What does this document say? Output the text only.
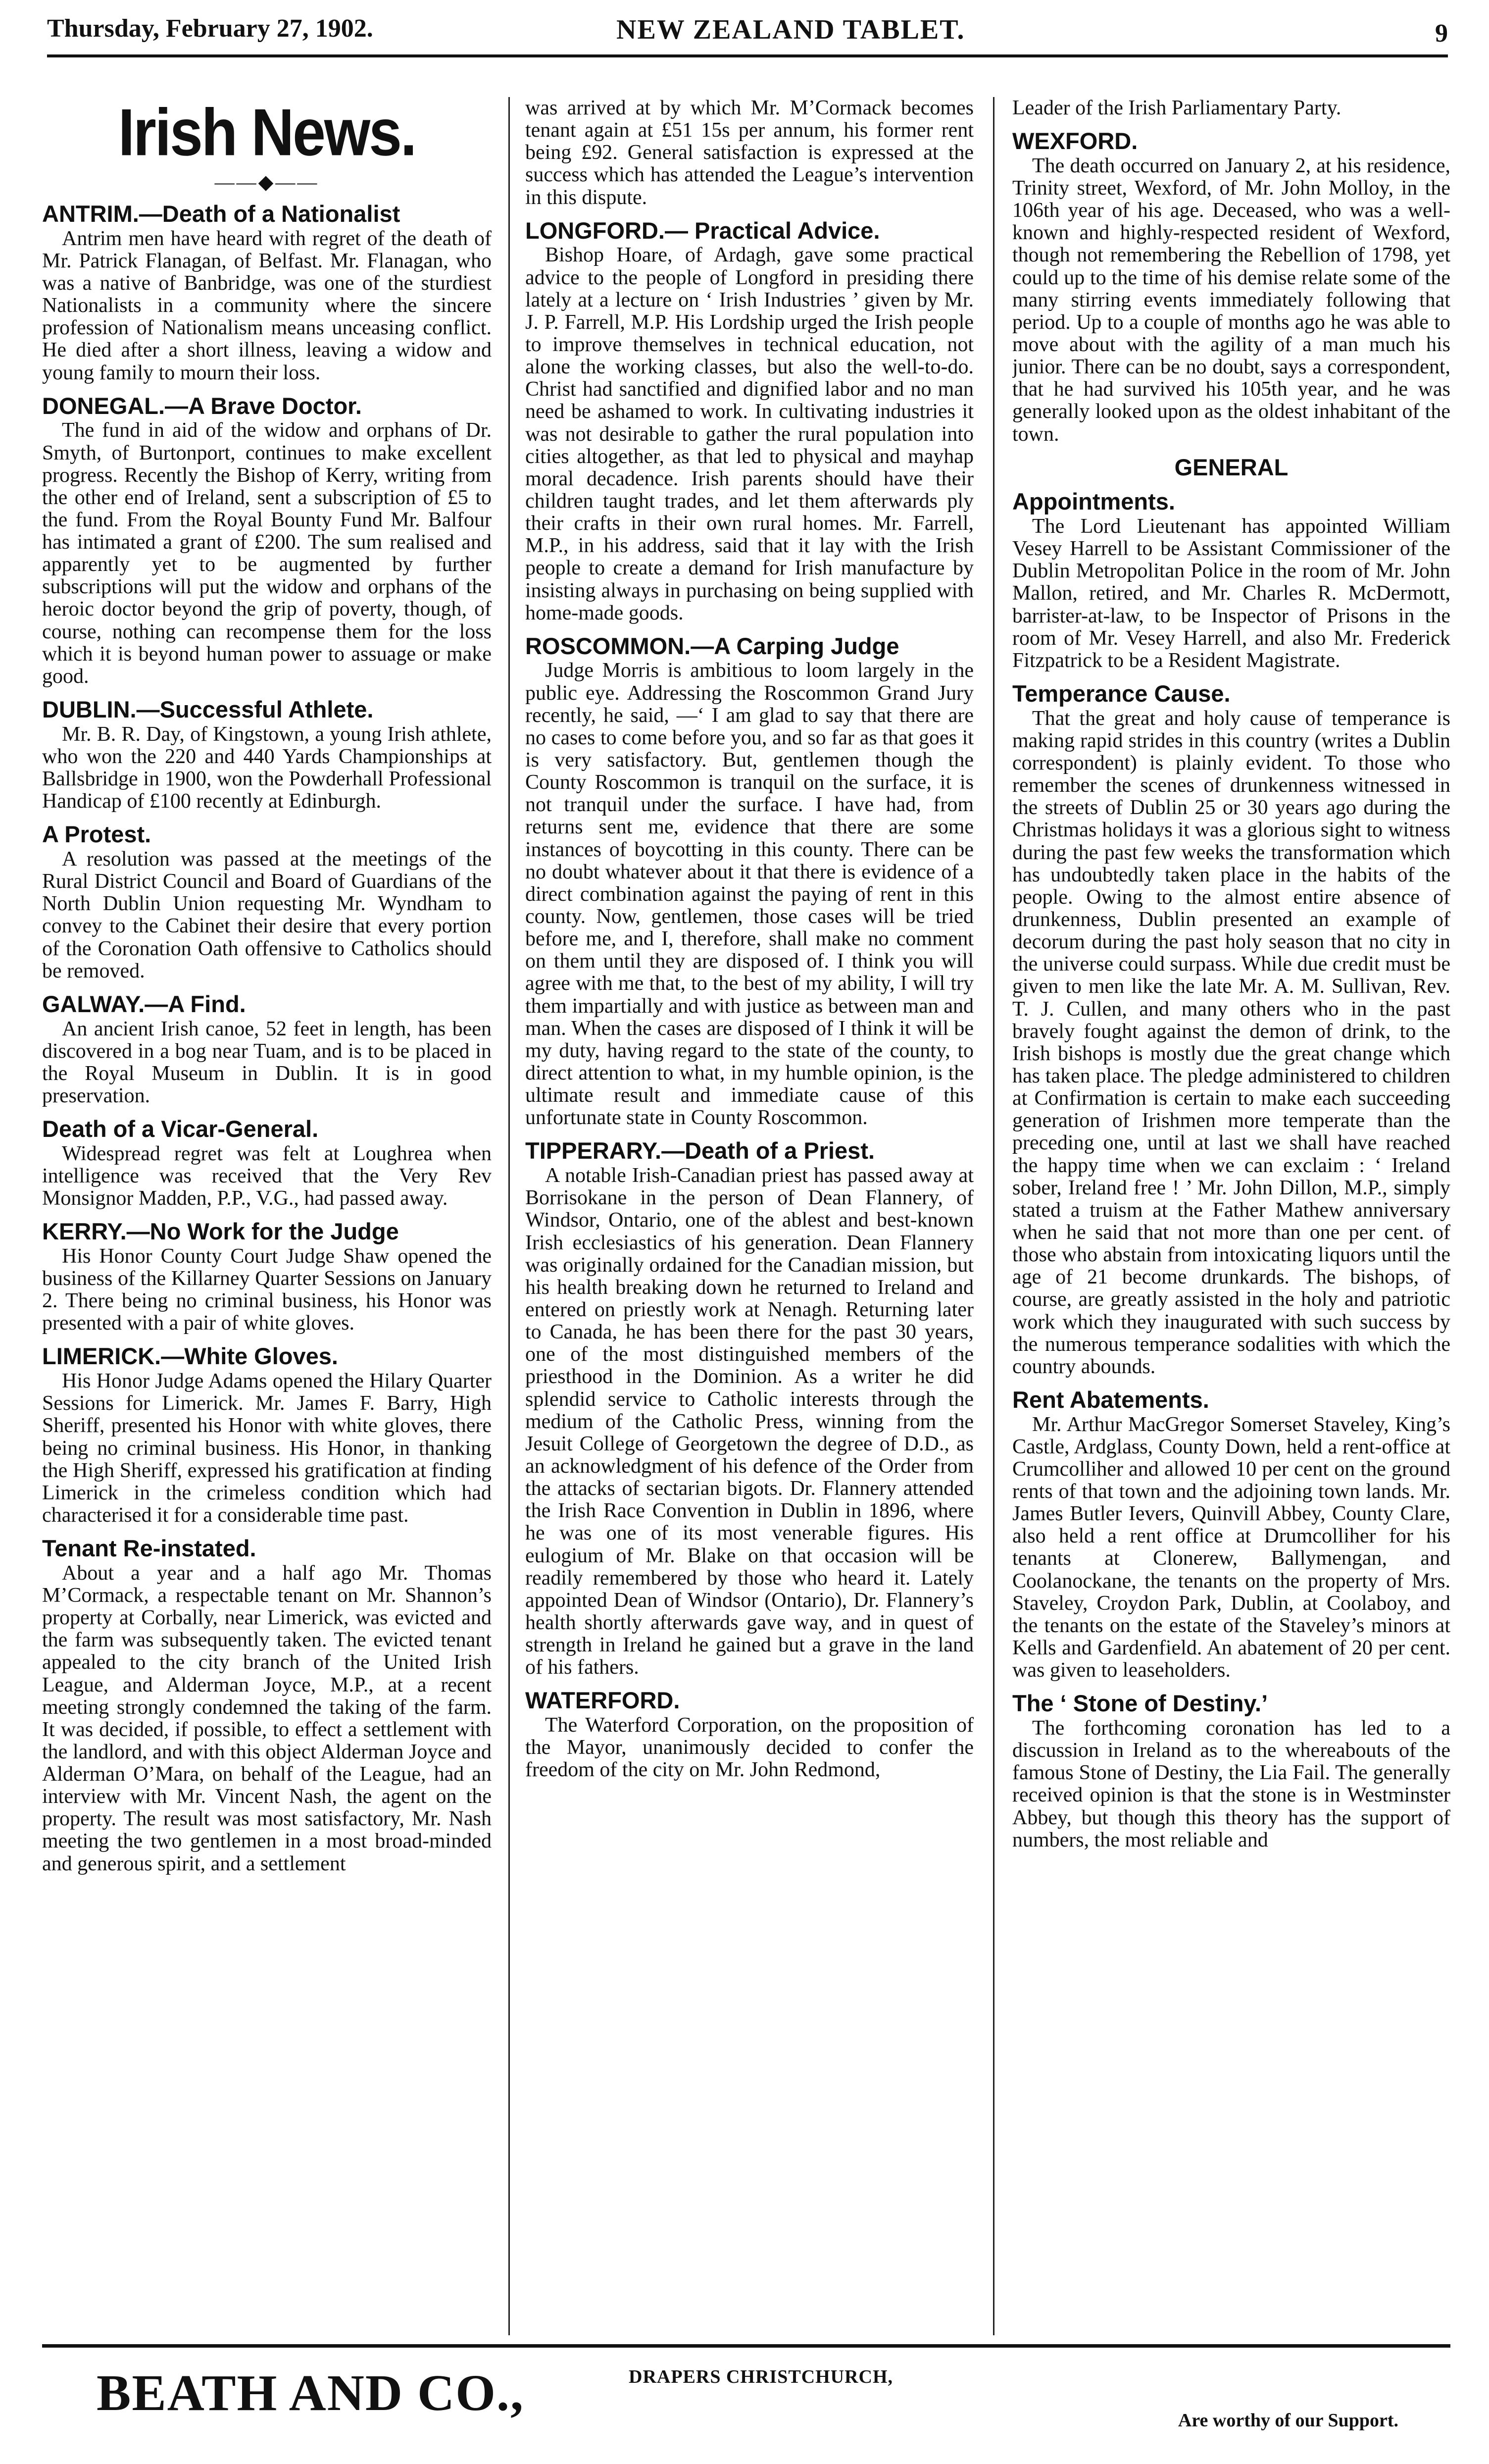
Thursday, February 27, 1902.	NEW ZEALAND TABLET.	9
Irish News.
——◆——
ANTRIM.—Death of a Nationalist

Antrim men have heard with regret of the death of Mr. Patrick Flanagan, of Belfast. Mr. Flanagan, who was a native of Banbridge, was one of the sturdiest Nationalists in a community where the sincere profession of Nationalism means unceasing conflict. He died after a short illness, leaving a widow and young family to mourn their loss.

DONEGAL.—A Brave Doctor.

The fund in aid of the widow and orphans of Dr. Smyth, of Burtonport, continues to make excellent progress. Recently the Bishop of Kerry, writing from the other end of Ireland, sent a subscription of £5 to the fund. From the Royal Bounty Fund Mr. Balfour has intimated a grant of £200. The sum realised and apparently yet to be augmented by further subscriptions will put the widow and orphans of the heroic doctor beyond the grip of poverty, though, of course, nothing can recompense them for the loss which it is beyond human power to assuage or make good.

DUBLIN.—Successful Athlete.

Mr. B. R. Day, of Kingstown, a young Irish athlete, who won the 220 and 440 Yards Championships at Ballsbridge in 1900, won the Powderhall Professional Handicap of £100 recently at Edinburgh.

A Protest.

A resolution was passed at the meetings of the Rural District Council and Board of Guardians of the North Dublin Union requesting Mr. Wyndham to convey to the Cabinet their desire that every portion of the Coronation Oath offensive to Catholics should be removed.

GALWAY.—A Find.

An ancient Irish canoe, 52 feet in length, has been discovered in a bog near Tuam, and is to be placed in the Royal Museum in Dublin. It is in good preservation.

Death of a Vicar-General.

Widespread regret was felt at Loughrea when intelligence was received that the Very Rev Monsignor Madden, P.P., V.G., had passed away.

KERRY.—No Work for the Judge

His Honor County Court Judge Shaw opened the business of the Killarney Quarter Sessions on January 2. There being no criminal business, his Honor was presented with a pair of white gloves.

LIMERICK.—White Gloves.

His Honor Judge Adams opened the Hilary Quarter Sessions for Limerick. Mr. James F. Barry, High Sheriff, presented his Honor with white gloves, there being no criminal business. His Honor, in thanking the High Sheriff, expressed his gratification at finding Limerick in the crimeless condition which had characterised it for a considerable time past.

Tenant Re-instated.

About a year and a half ago Mr. Thomas M’Cormack, a respectable tenant on Mr. Shannon’s property at Corbally, near Limerick, was evicted and the farm was subsequently taken. The evicted tenant appealed to the city branch of the United Irish League, and Alderman Joyce, M.P., at a recent meeting strongly condemned the taking of the farm. It was decided, if possible, to effect a settlement with the landlord, and with this object Alderman Joyce and Alderman O’Mara, on behalf of the League, had an interview with Mr. Vincent Nash, the agent on the property. The result was most satisfactory, Mr. Nash meeting the two gentlemen in a most broad-minded and generous spirit, and a settlement

was arrived at by which Mr. M’Cormack becomes tenant again at £51 15s per annum, his former rent being £92. General satisfaction is expressed at the success which has attended the League’s intervention in this dispute.

LONGFORD.— Practical Advice.

Bishop Hoare, of Ardagh, gave some practical advice to the people of Longford in presiding there lately at a lecture on ‘ Irish Industries ’ given by Mr. J. P. Farrell, M.P. His Lordship urged the Irish people to improve themselves in technical education, not alone the working classes, but also the well-to-do. Christ had sanctified and dignified labor and no man need be ashamed to work. In cultivating industries it was not desirable to gather the rural population into cities altogether, as that led to physical and mayhap moral decadence. Irish parents should have their children taught trades, and let them afterwards ply their crafts in their own rural homes. Mr. Farrell, M.P., in his address, said that it lay with the Irish people to create a demand for Irish manufacture by insisting always in purchasing on being supplied with home-made goods.

ROSCOMMON.—A Carping Judge

Judge Morris is ambitious to loom largely in the public eye. Addressing the Roscommon Grand Jury recently, he said, —‘ I am glad to say that there are no cases to come before you, and so far as that goes it is very satisfactory. But, gentlemen though the County Roscommon is tranquil on the surface, it is not tranquil under the surface. I have had, from returns sent me, evidence that there are some instances of boycotting in this county. There can be no doubt whatever about it that there is evidence of a direct combination against the paying of rent in this county. Now, gentlemen, those cases will be tried before me, and I, therefore, shall make no comment on them until they are disposed of. I think you will agree with me that, to the best of my ability, I will try them impartially and with justice as between man and man. When the cases are disposed of I think it will be my duty, having regard to the state of the county, to direct attention to what, in my humble opinion, is the ultimate result and immediate cause of this unfortunate state in County Roscommon.

TIPPERARY.—Death of a Priest.

A notable Irish-Canadian priest has passed away at Borrisokane in the person of Dean Flannery, of Windsor, Ontario, one of the ablest and best-known Irish ecclesiastics of his generation. Dean Flannery was originally ordained for the Canadian mission, but his health breaking down he returned to Ireland and entered on priestly work at Nenagh. Returning later to Canada, he has been there for the past 30 years, one of the most distinguished members of the priesthood in the Dominion. As a writer he did splendid service to Catholic interests through the medium of the Catholic Press, winning from the Jesuit College of Georgetown the degree of D.D., as an acknowledgment of his defence of the Order from the attacks of sectarian bigots. Dr. Flannery attended the Irish Race Convention in Dublin in 1896, where he was one of its most venerable figures. His eulogium of Mr. Blake on that occasion will be readily remembered by those who heard it. Lately appointed Dean of Windsor (Ontario), Dr. Flannery’s health shortly afterwards gave way, and in quest of strength in Ireland he gained but a grave in the land of his fathers.

WATERFORD.

The Waterford Corporation, on the proposition of the Mayor, unanimously decided to confer the freedom of the city on Mr. John Redmond,

Leader of the Irish Parliamentary Party.

WEXFORD.

The death occurred on January 2, at his residence, Trinity street, Wexford, of Mr. John Molloy, in the 106th year of his age. Deceased, who was a well-known and highly-respected resident of Wexford, though not remembering the Rebellion of 1798, yet could up to the time of his demise relate some of the many stirring events immediately following that period. Up to a couple of months ago he was able to move about with the agility of a man much his junior. There can be no doubt, says a correspondent, that he had survived his 105th year, and he was generally looked upon as the oldest inhabitant of the town.

GENERAL
Appointments.

The Lord Lieutenant has appointed William Vesey Harrell to be Assistant Commissioner of the Dublin Metropolitan Police in the room of Mr. John Mallon, retired, and Mr. Charles R. McDermott, barrister-at-law, to be Inspector of Prisons in the room of Mr. Vesey Harrell, and also Mr. Frederick Fitzpatrick to be a Resident Magistrate.

Temperance Cause.

That the great and holy cause of temperance is making rapid strides in this country (writes a Dublin correspondent) is plainly evident. To those who remember the scenes of drunkenness witnessed in the streets of Dublin 25 or 30 years ago during the Christmas holidays it was a glorious sight to witness during the past few weeks the transformation which has undoubtedly taken place in the habits of the people. Owing to the almost entire absence of drunkenness, Dublin presented an example of decorum during the past holy season that no city in the universe could surpass. While due credit must be given to men like the late Mr. A. M. Sullivan, Rev. T. J. Cullen, and many others who in the past bravely fought against the demon of drink, to the Irish bishops is mostly due the great change which has taken place. The pledge administered to children at Confirmation is certain to make each succeeding generation of Irishmen more temperate than the preceding one, until at last we shall have reached the happy time when we can exclaim : ‘ Ireland sober, Ireland free ! ’ Mr. John Dillon, M.P., simply stated a truism at the Father Mathew anniversary when he said that not more than one per cent. of those who abstain from intoxicating liquors until the age of 21 become drunkards. The bishops, of course, are greatly assisted in the holy and patriotic work which they inaugurated with such success by the numerous temperance sodalities with which the country abounds.

Rent Abatements.

Mr. Arthur MacGregor Somerset Staveley, King’s Castle, Ardglass, County Down, held a rent-office at Crumcolliher and allowed 10 per cent on the ground rents of that town and the adjoining town lands. Mr. James Butler Ievers, Quinvill Abbey, County Clare, also held a rent office at Drumcolliher for his tenants at Clonerew, Ballymengan, and Coolanockane, the tenants on the property of Mrs. Staveley, Croydon Park, Dublin, at Coolaboy, and the tenants on the estate of the Staveley’s minors at Kells and Gardenfield. An abatement of 20 per cent. was given to leaseholders.

The ‘ Stone of Destiny.’

The forthcoming coronation has led to a discussion in Ireland as to the whereabouts of the famous Stone of Destiny, the Lia Fail. The generally received opinion is that the stone is in Westminster Abbey, but though this theory has the support of numbers, the most reliable and

BEATH AND CO.,	DRAPERS CHRISTCHURCH,
Are worthy of our Support.
